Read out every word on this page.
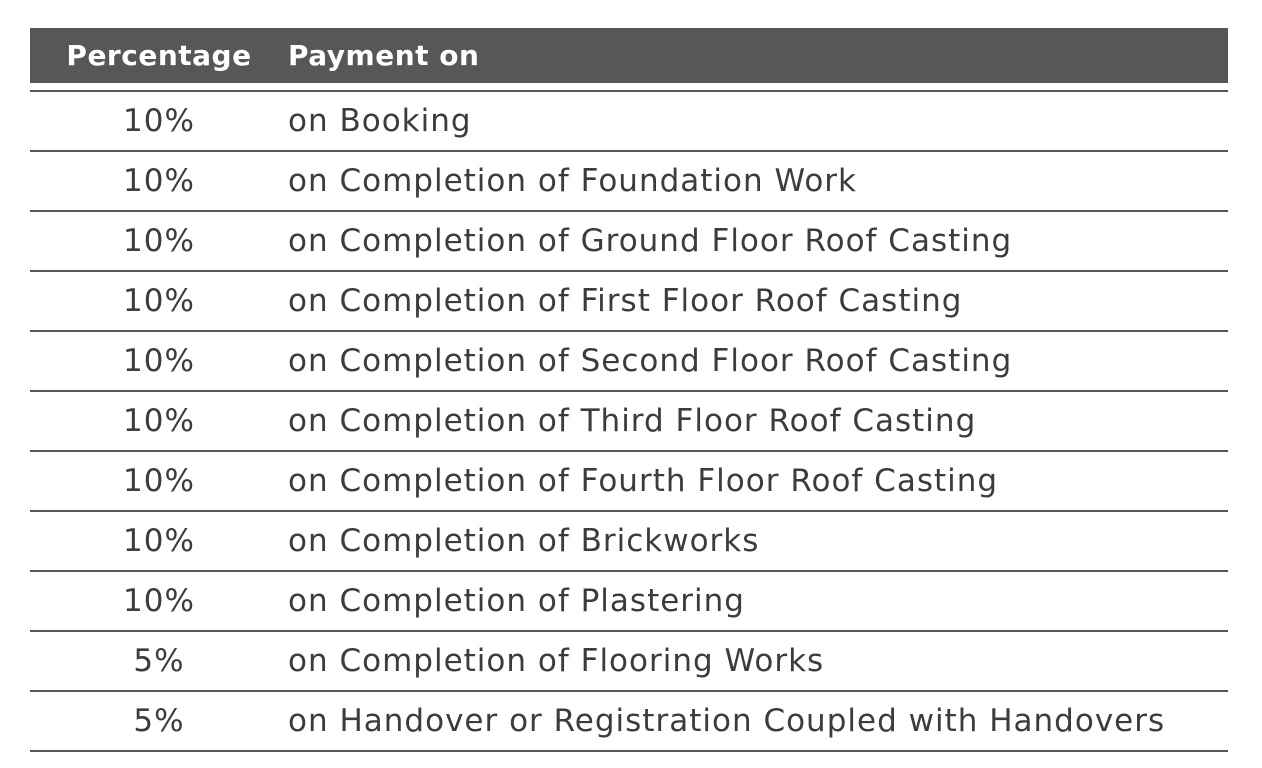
Percentage	Payment on
10%	on Booking
10%	on Completion of Foundation Work
10%	on Completion of Ground Floor Roof Casting
10%	on Completion of First Floor Roof Casting
10%	on Completion of Second Floor Roof Casting
10%	on Completion of Third Floor Roof Casting
10%	on Completion of Fourth Floor Roof Casting
10%	on Completion of Brickworks
10%	on Completion of Plastering
5%	on Completion of Flooring Works
5%	on Handover or Registration Coupled with Handovers
